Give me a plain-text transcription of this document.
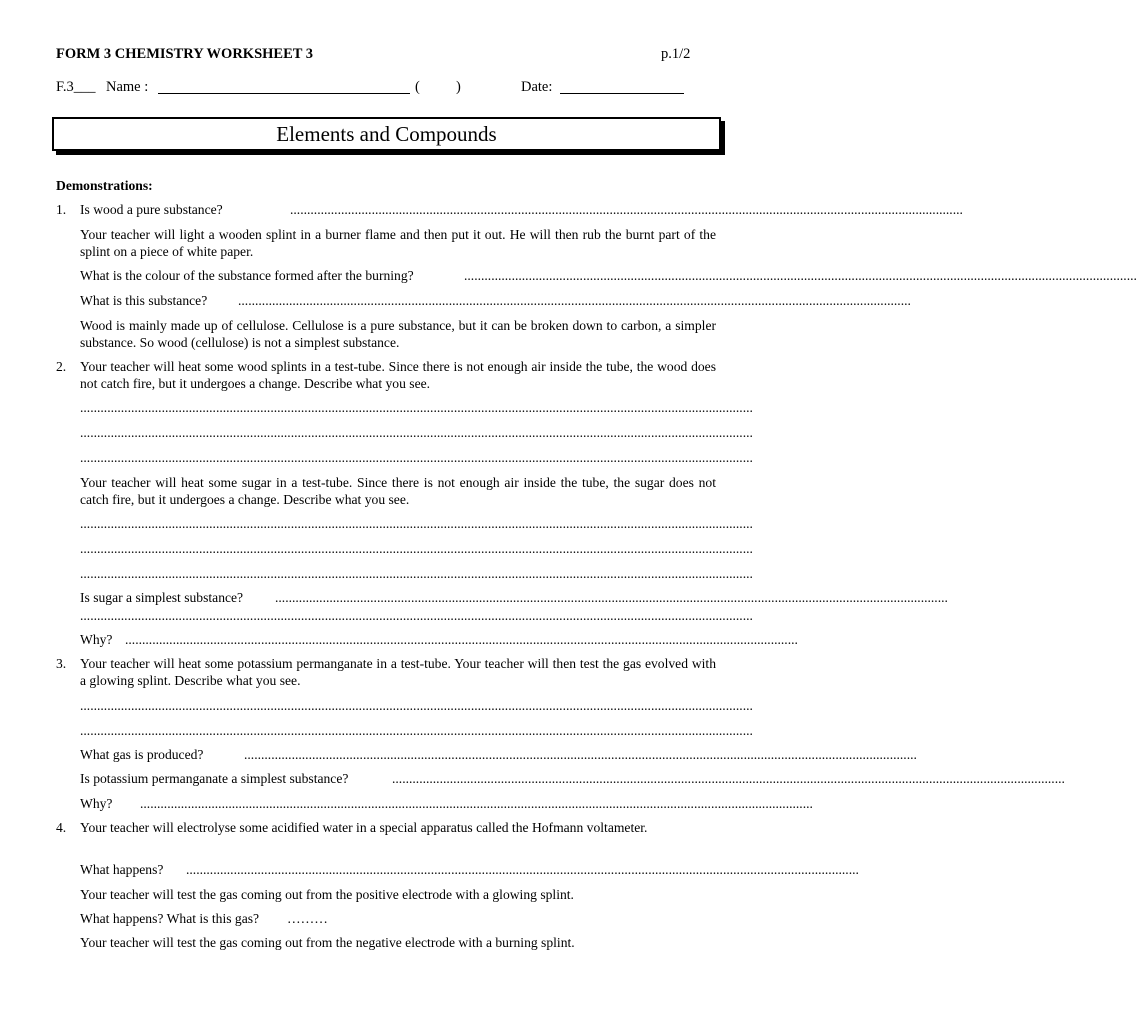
FORM 3 CHEMISTRY WORKSHEET 3	p.1/2
F.3___ Name :	( )	Date:
Elements and Compounds
Demonstrations:
1. Is wood a pure substance?	......................................................................................................................................................................................................
Your teacher will light a wooden splint in a burner flame and then put it out. He will then rub the burnt part of the splint on a piece of white paper.
What is the colour of the substance formed after the burning?	......................................................................................................................................................................................................
What is this substance? ......................................................................................................................................................................................................
Wood is mainly made up of cellulose. Cellulose is a pure substance, but it can be broken down to carbon, a simpler substance. So wood (cellulose) is not a simplest substance.
2. Your teacher will heat some wood splints in a test-tube. Since there is not enough air inside the tube, the wood does not catch fire, but it undergoes a change. Describe what you see.
......................................................................................................................................................................................................
......................................................................................................................................................................................................
......................................................................................................................................................................................................
Your teacher will heat some sugar in a test-tube. Since there is not enough air inside the tube, the sugar does not catch fire, but it undergoes a change. Describe what you see.
......................................................................................................................................................................................................
......................................................................................................................................................................................................
......................................................................................................................................................................................................
Is sugar a simplest substance? ......................................................................................................................................................................................................
......................................................................................................................................................................................................
Why? ......................................................................................................................................................................................................
3. Your teacher will heat some potassium permanganate in a test-tube. Your teacher will then test the gas evolved with a glowing splint. Describe what you see.
......................................................................................................................................................................................................
......................................................................................................................................................................................................
What gas is produced?	......................................................................................................................................................................................................
Is potassium permanganate a simplest substance?	......................................................................................................................................................................................................
Why? ......................................................................................................................................................................................................
4. Your teacher will electrolyse some acidified water in a special apparatus called the Hofmann voltameter.
What happens? ......................................................................................................................................................................................................
Your teacher will test the gas coming out from the positive electrode with a glowing splint.
What happens? What is this gas? ………
Your teacher will test the gas coming out from the negative electrode with a burning splint.
